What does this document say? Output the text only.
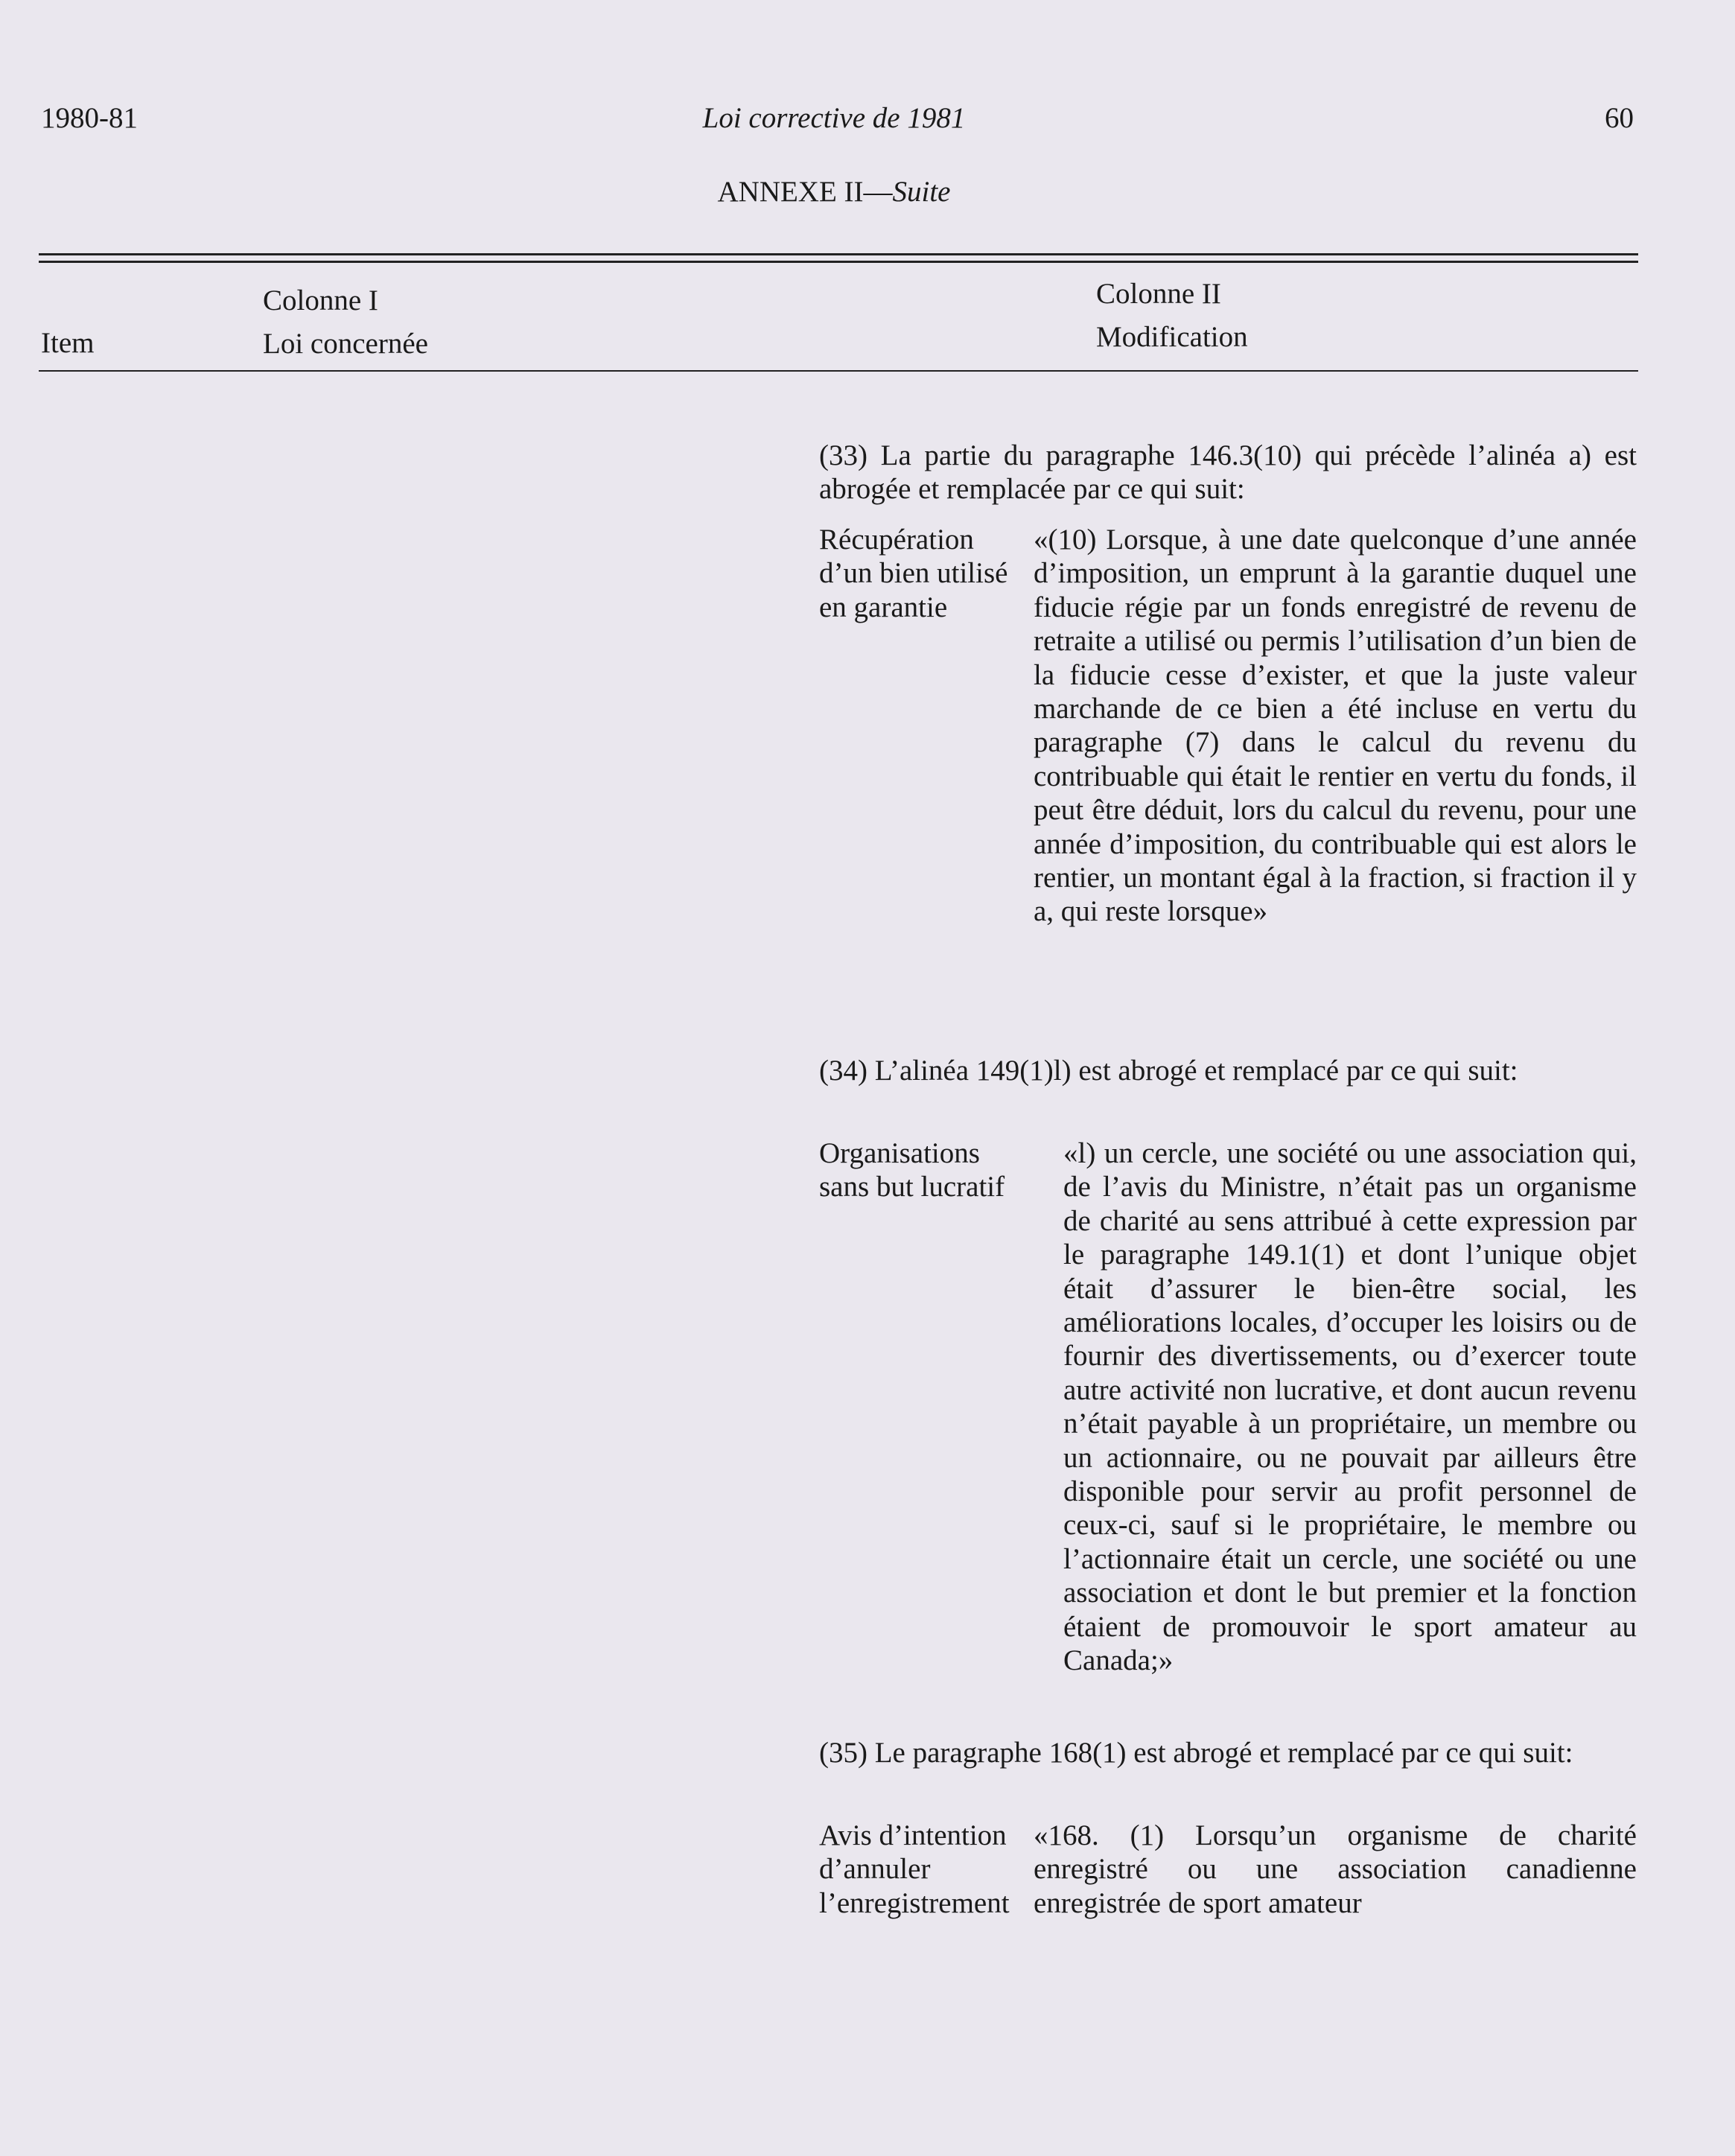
1980-81	Loi corrective de 1981	60
ANNEXE II—Suite
Item
Colonne I
Loi concernée
Colonne II
Modification
(33) La partie du paragraphe 146.3(10) qui précède l’alinéa a) est abrogée et remplacée par ce qui suit:
Récupération d’un bien utilisé en garantie
«(10) Lorsque, à une date quelconque d’une année d’imposition, un emprunt à la garantie duquel une fiducie régie par un fonds enregistré de revenu de retraite a utilisé ou permis l’utilisation d’un bien de la fiducie cesse d’exister, et que la juste valeur marchande de ce bien a été incluse en vertu du paragraphe (7) dans le calcul du revenu du contribuable qui était le rentier en vertu du fonds, il peut être déduit, lors du calcul du revenu, pour une année d’imposition, du contribuable qui est alors le rentier, un montant égal à la fraction, si fraction il y a, qui reste lorsque»
(34) L’alinéa 149(1)l) est abrogé et remplacé par ce qui suit:
Organisations sans but lucratif
«l) un cercle, une société ou une association qui, de l’avis du Ministre, n’était pas un organisme de charité au sens attribué à cette expression par le paragraphe 149.1(1) et dont l’unique objet était d’assurer le bien-être social, les améliorations locales, d’occuper les loisirs ou de fournir des divertissements, ou d’exercer toute autre activité non lucrative, et dont aucun revenu n’était payable à un propriétaire, un membre ou un actionnaire, ou ne pouvait par ailleurs être disponible pour servir au profit personnel de ceux-ci, sauf si le propriétaire, le membre ou l’actionnaire était un cercle, une société ou une association et dont le but premier et la fonction étaient de promouvoir le sport amateur au Canada;»
(35) Le paragraphe 168(1) est abrogé et remplacé par ce qui suit:
Avis d’intention d’annuler l’enregistrement
«168. (1) Lorsqu’un organisme de charité enregistré ou une association canadienne enregistrée de sport amateur
